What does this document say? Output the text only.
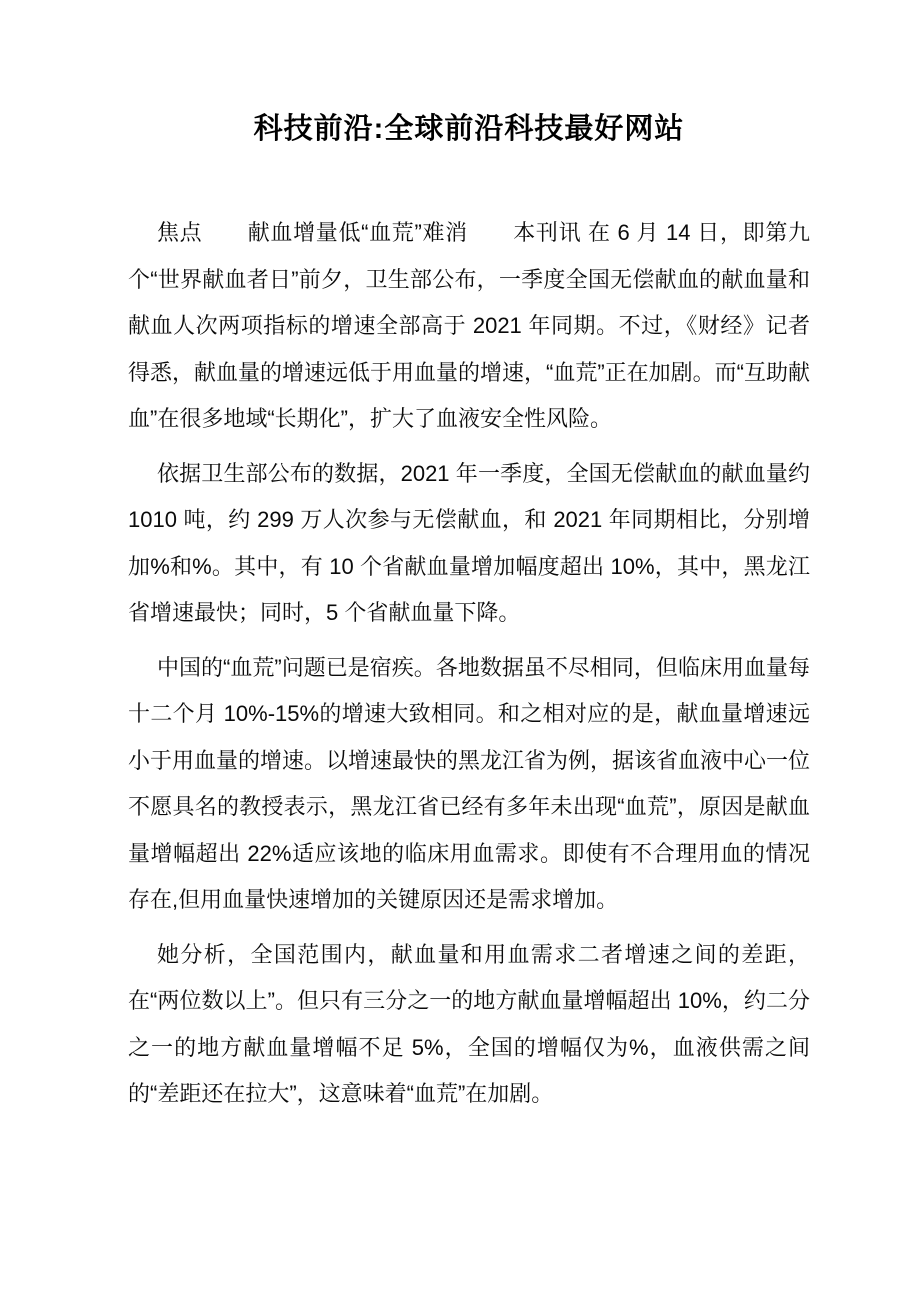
科技前沿:全球前沿科技最好网站

焦点　　献血增量低“血荒”难消　　本刊讯 在 6 月 14 日，即第九个“世界献血者日”前夕，卫生部公布，一季度全国无偿献血的献血量和献血人次两项指标的增速全部高于 2021 年同期。不过，《财经》记者得悉，献血量的增速远低于用血量的增速，“血荒”正在加剧。而“互助献血”在很多地域“长期化”，扩大了血液安全性风险。

依据卫生部公布的数据，2021 年一季度，全国无偿献血的献血量约 1010 吨，约 299 万人次参与无偿献血，和 2021 年同期相比，分别增加%和%。其中，有 10 个省献血量增加幅度超出 10%，其中，黑龙江省增速最快；同时，5 个省献血量下降。

中国的“血荒”问题已是宿疾。各地数据虽不尽相同，但临床用血量每十二个月 10%-15%的增速大致相同。和之相对应的是，献血量增速远小于用血量的增速。以增速最快的黑龙江省为例，据该省血液中心一位不愿具名的教授表示，黑龙江省已经有多年未出现“血荒”，原因是献血量增幅超出 22%适应该地的临床用血需求。即使有不合理用血的情况存在,但用血量快速增加的关键原因还是需求增加。

她分析，全国范围内，献血量和用血需求二者增速之间的差距，在“两位数以上”。但只有三分之一的地方献血量增幅超出 10%，约二分之一的地方献血量增幅不足 5%，全国的增幅仅为%，血液供需之间的“差距还在拉大”，这意味着“血荒”在加剧。
